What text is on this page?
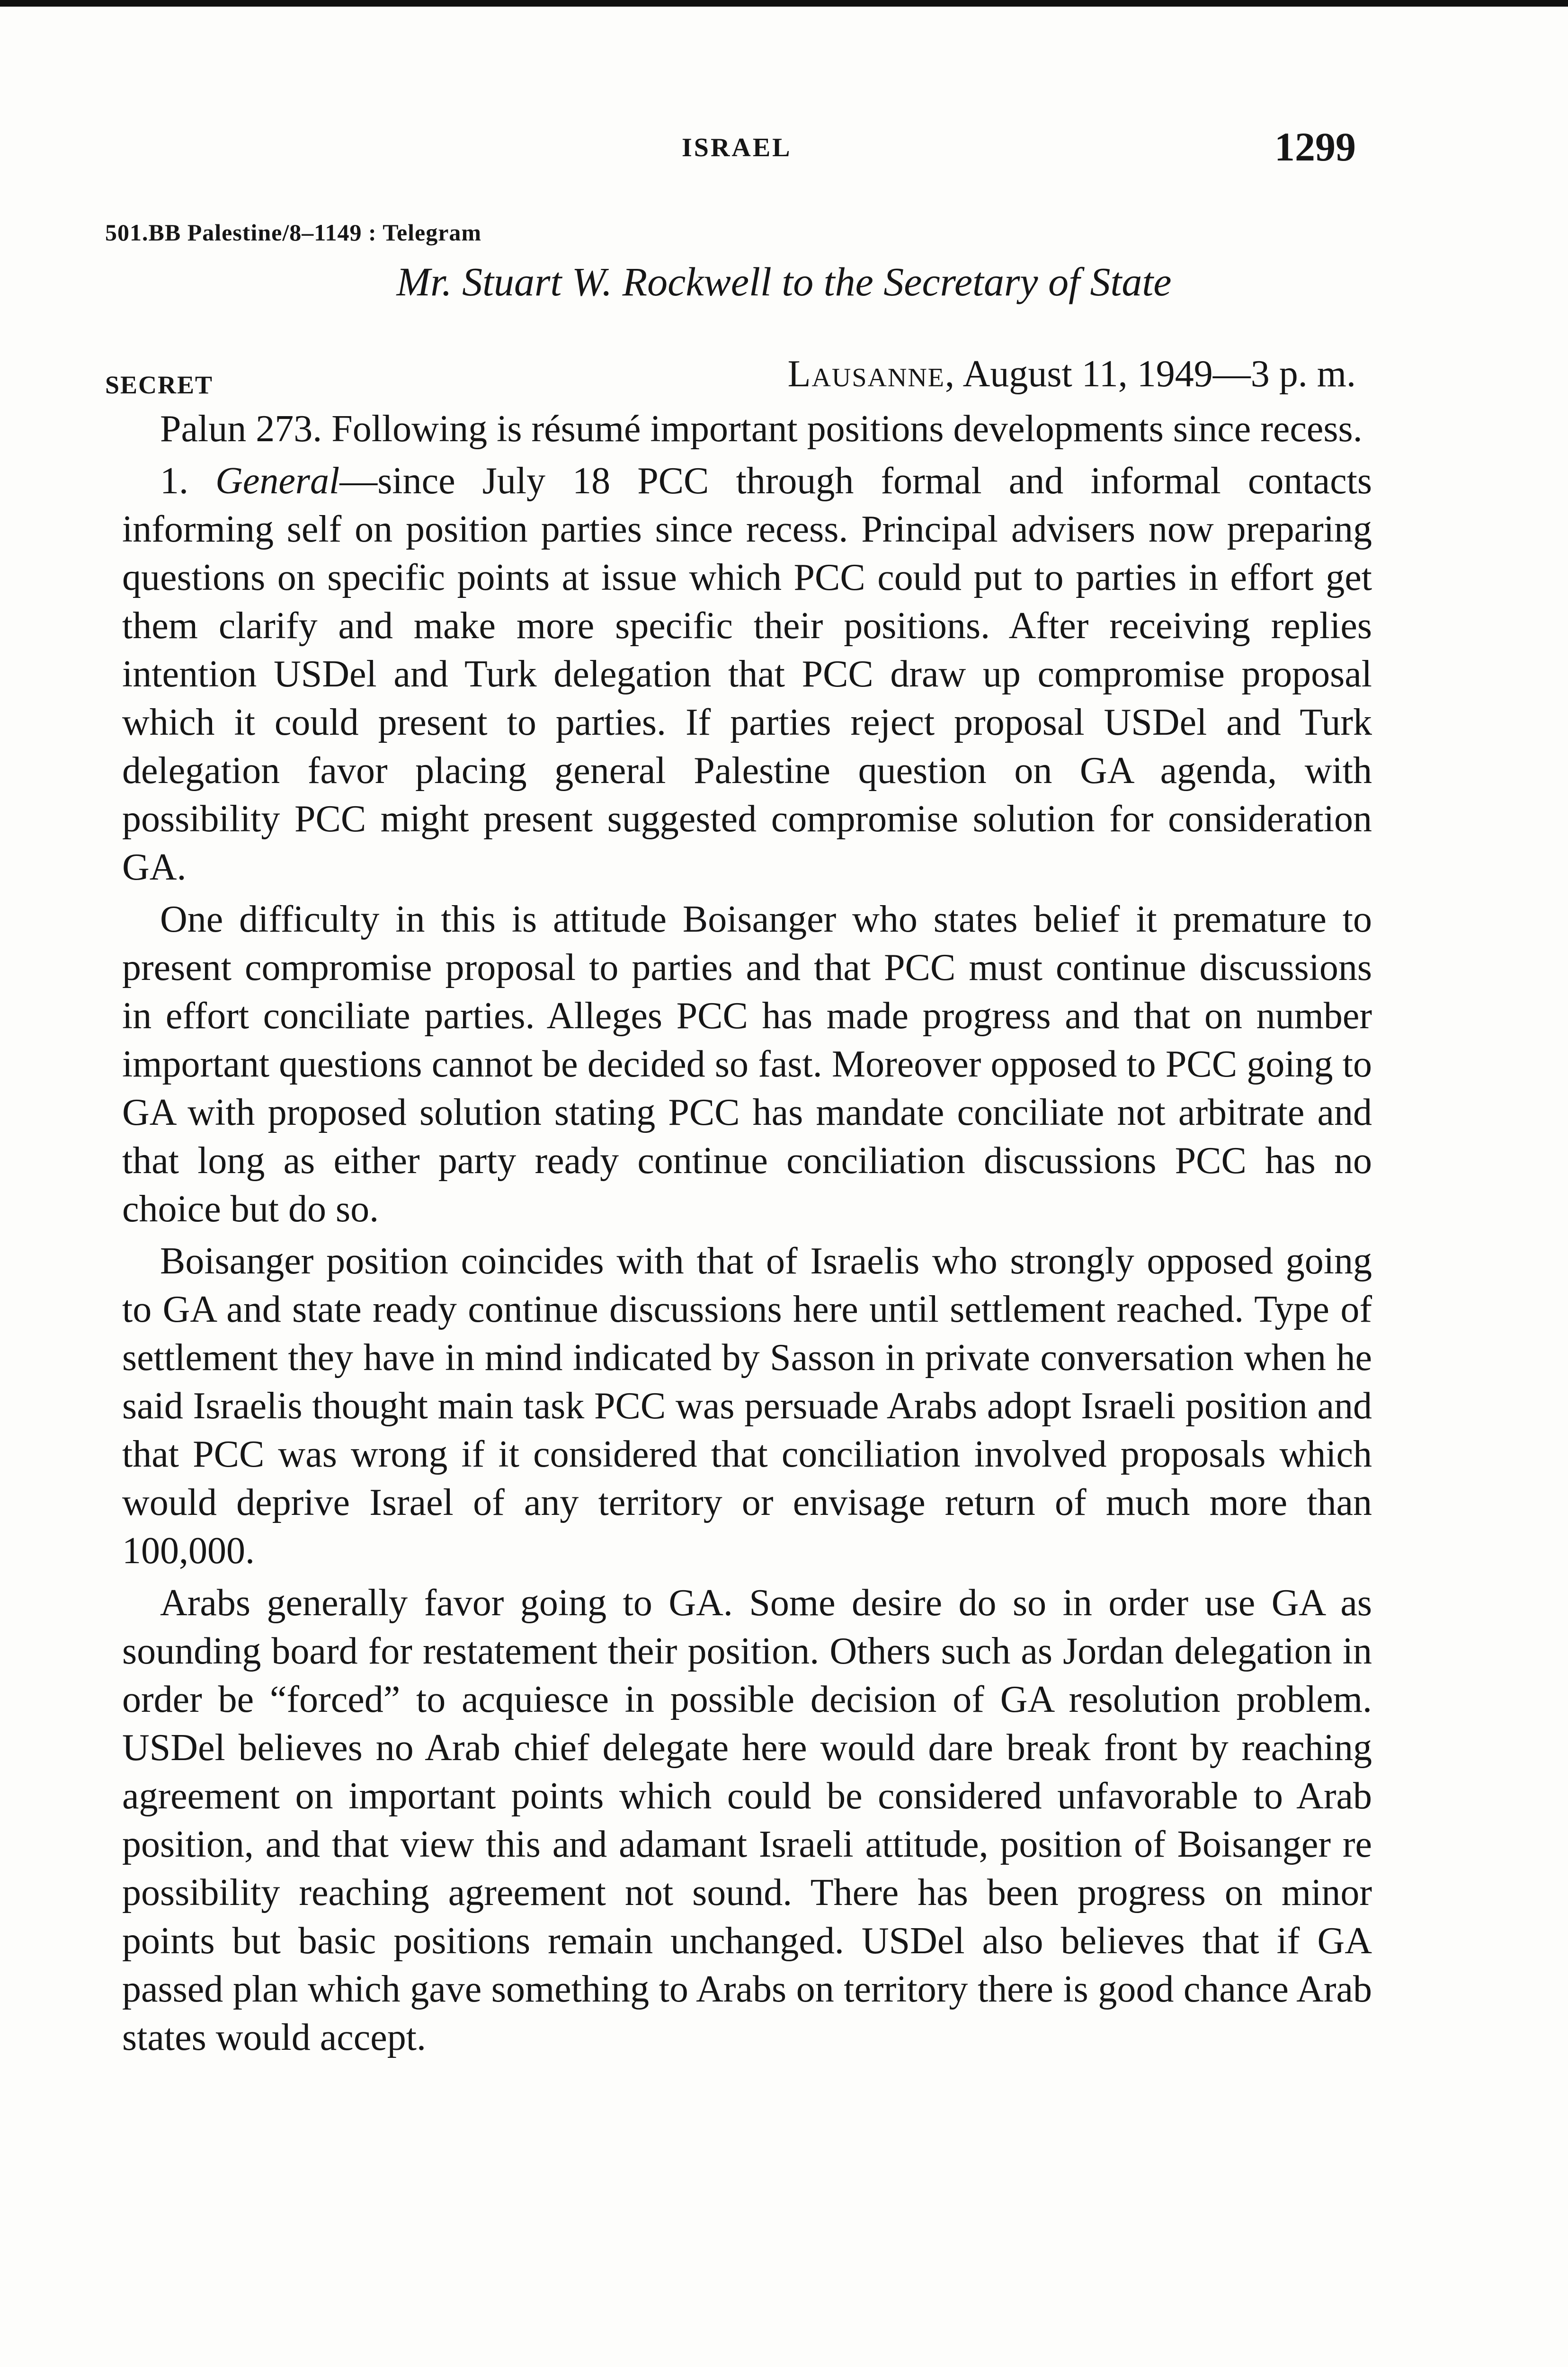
ISRAEL	1299
501.BB Palestine/8–1149 : Telegram
Mr. Stuart W. Rockwell to the Secretary of State
SECRET	Lausanne, August 11, 1949—3 p. m.

Palun 273. Following is résumé important positions developments since recess.

1. General—since July 18 PCC through formal and informal contacts informing self on position parties since recess. Principal advisers now preparing questions on specific points at issue which PCC could put to parties in effort get them clarify and make more specific their positions. After receiving replies intention USDel and Turk delegation that PCC draw up compromise proposal which it could present to parties. If parties reject proposal USDel and Turk delegation favor placing general Palestine question on GA agenda, with possibility PCC might present suggested compromise solution for consideration GA.

One difficulty in this is attitude Boisanger who states belief it premature to present compromise proposal to parties and that PCC must continue discussions in effort conciliate parties. Alleges PCC has made progress and that on number important questions cannot be decided so fast. Moreover opposed to PCC going to GA with proposed solution stating PCC has mandate conciliate not arbitrate and that long as either party ready continue conciliation discussions PCC has no choice but do so.

Boisanger position coincides with that of Israelis who strongly opposed going to GA and state ready continue discussions here until settlement reached. Type of settlement they have in mind indicated by Sasson in private conversation when he said Israelis thought main task PCC was persuade Arabs adopt Israeli position and that PCC was wrong if it considered that conciliation involved proposals which would deprive Israel of any territory or envisage return of much more than 100,000.

Arabs generally favor going to GA. Some desire do so in order use GA as sounding board for restatement their position. Others such as Jordan delegation in order be “forced” to acquiesce in possible decision of GA resolution problem. USDel believes no Arab chief delegate here would dare break front by reaching agreement on important points which could be considered unfavorable to Arab position, and that view this and adamant Israeli attitude, position of Boisanger re possibility reaching agreement not sound. There has been progress on minor points but basic positions remain unchanged. USDel also believes that if GA passed plan which gave something to Arabs on territory there is good chance Arab states would accept.
